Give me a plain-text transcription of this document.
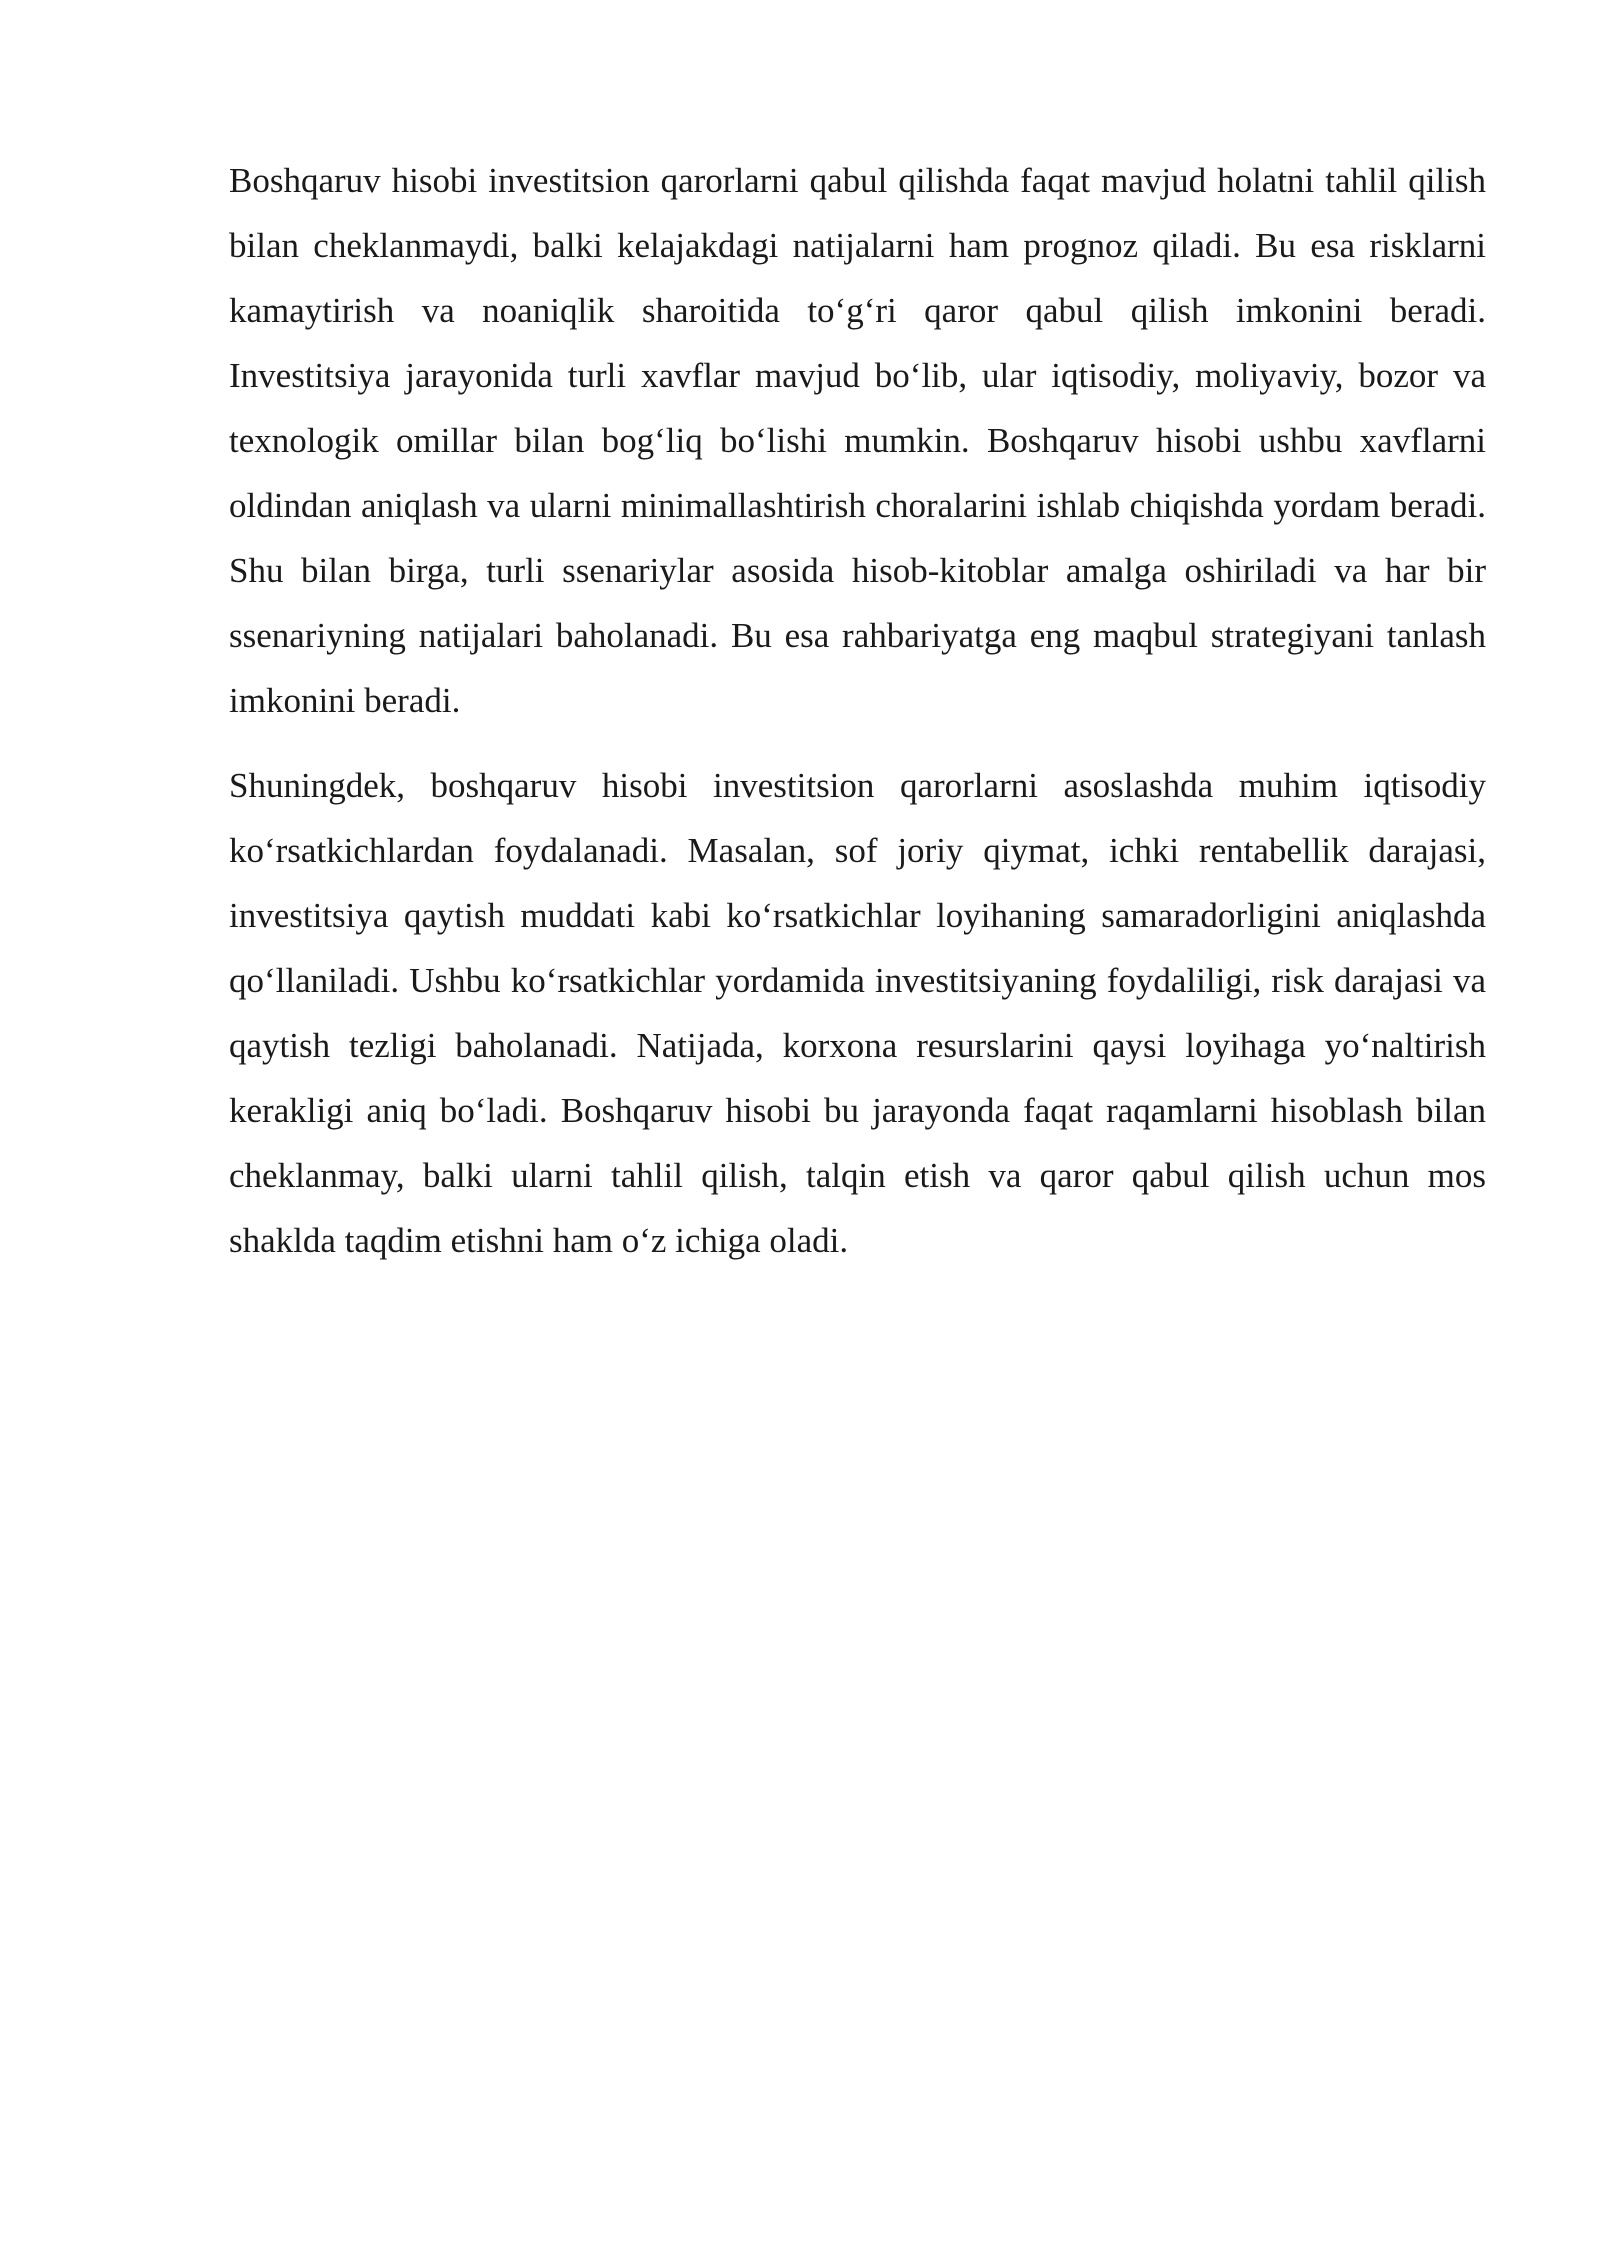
Boshqaruv hisobi investitsion qarorlarni qabul qilishda faqat mavjud holatni tahlil qilish bilan cheklanmaydi, balki kelajakdagi natijalarni ham prognoz qiladi. Bu esa risklarni kamaytirish va noaniqlik sharoitida to‘g‘ri qaror qabul qilish imkonini beradi. Investitsiya jarayonida turli xavflar mavjud bo‘lib, ular iqtisodiy, moliyaviy, bozor va texnologik omillar bilan bog‘liq bo‘lishi mumkin. Boshqaruv hisobi ushbu xavflarni oldindan aniqlash va ularni minimallashtirish choralarini ishlab chiqishda yordam beradi. Shu bilan birga, turli ssenariylar asosida hisob-kitoblar amalga oshiriladi va har bir ssenariyning natijalari baholanadi. Bu esa rahbariyatga eng maqbul strategiyani tanlash imkonini beradi.

Shuningdek, boshqaruv hisobi investitsion qarorlarni asoslashda muhim iqtisodiy ko‘rsatkichlardan foydalanadi. Masalan, sof joriy qiymat, ichki rentabellik darajasi, investitsiya qaytish muddati kabi ko‘rsatkichlar loyihaning samaradorligini aniqlashda qo‘llaniladi. Ushbu ko‘rsatkichlar yordamida investitsiyaning foydaliligi, risk darajasi va qaytish tezligi baholanadi. Natijada, korxona resurslarini qaysi loyihaga yo‘naltirish kerakligi aniq bo‘ladi. Boshqaruv hisobi bu jarayonda faqat raqamlarni hisoblash bilan cheklanmay, balki ularni tahlil qilish, talqin etish va qaror qabul qilish uchun mos shaklda taqdim etishni ham o‘z ichiga oladi.
